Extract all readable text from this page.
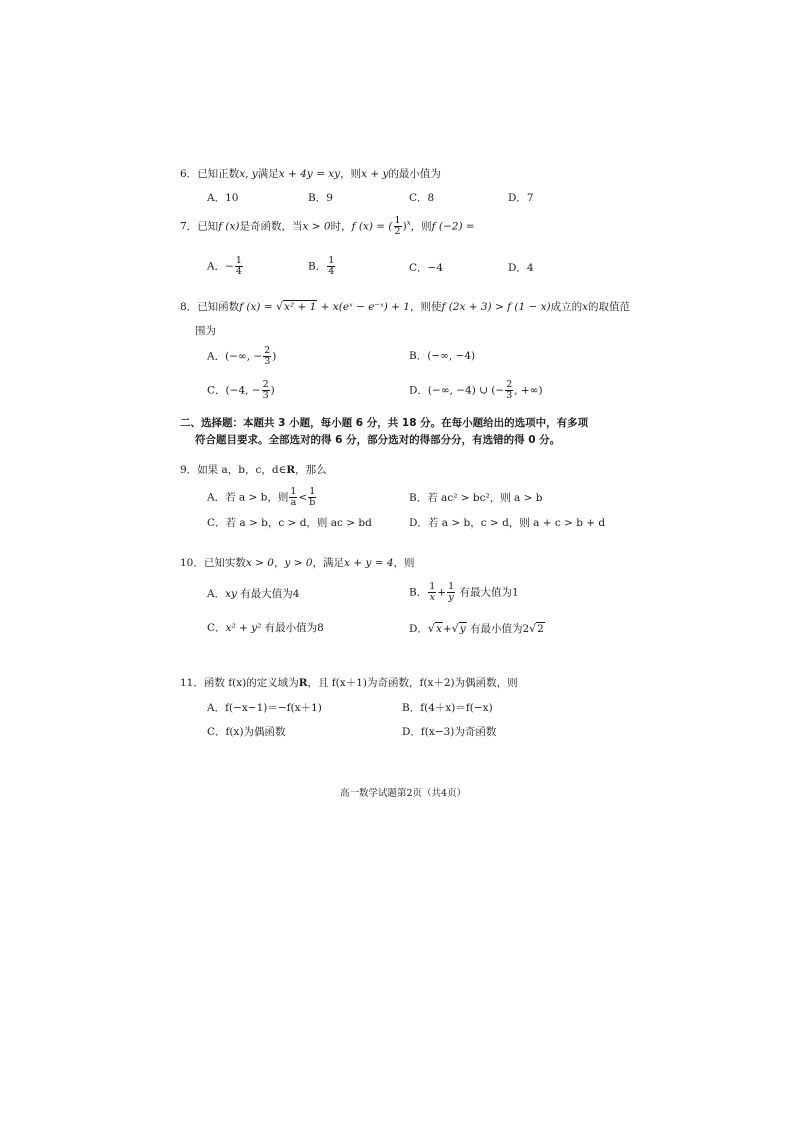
6．已知正数x, y满足x + 4y = xy，则x + y的最小值为
A．10	B．9	C．8	D．7
7．已知f (x)是奇函数，当x > 0时，f (x) = ( $\frac{1}{2} )^x$，则f (−2) =
A．− $\frac{1}{4}$	B． $\frac{1}{4}$	C．−4	D．4
8．已知函数f (x) = √x² + 1 + x(eˣ − e⁻ˣ) + 1，则使f (2x + 3) > f (1 − x)成立的x的取值范
围为
A．(−∞, − $\frac{2}{3}$ )	B．(−∞, −4)
C．(−4, − $\frac{2}{3}$ )	D．(−∞, −4) ∪ (− $\frac{2}{3}$ , +∞)
二、选择题：本题共 3 小题，每小题 6 分，共 18 分。在每小题给出的选项中，有多项
符合题目要求。全部选对的得 6 分，部分选对的得部分分，有选错的得 0 分。
9．如果 a，b，c，d∈R，那么
A．若 a > b，则 $\frac{1}{a} < \frac{1}{b}$	B．若 ac² > bc²，则 a > b
C．若 a > b，c > d，则 ac > bd	D．若 a > b，c > d，则 a + c > b + d
10．已知实数x > 0，y > 0，满足x + y = 4，则
A．xy 有最大值为4	B． $\frac{1}{x}+ \frac{1}{y}$ 有最大值为1
C．x² + y² 有最小值为8	D．√x+√y 有最小值为2√2
11．函数 f(x)的定义域为R，且 f(x＋1)为奇函数，f(x＋2)为偶函数，则
A．f(−x−1)＝−f(x＋1)	B．f(4＋x)＝f(−x)
C．f(x)为偶函数	D．f(x−3)为奇函数
高一数学试题第2页（共4页）
